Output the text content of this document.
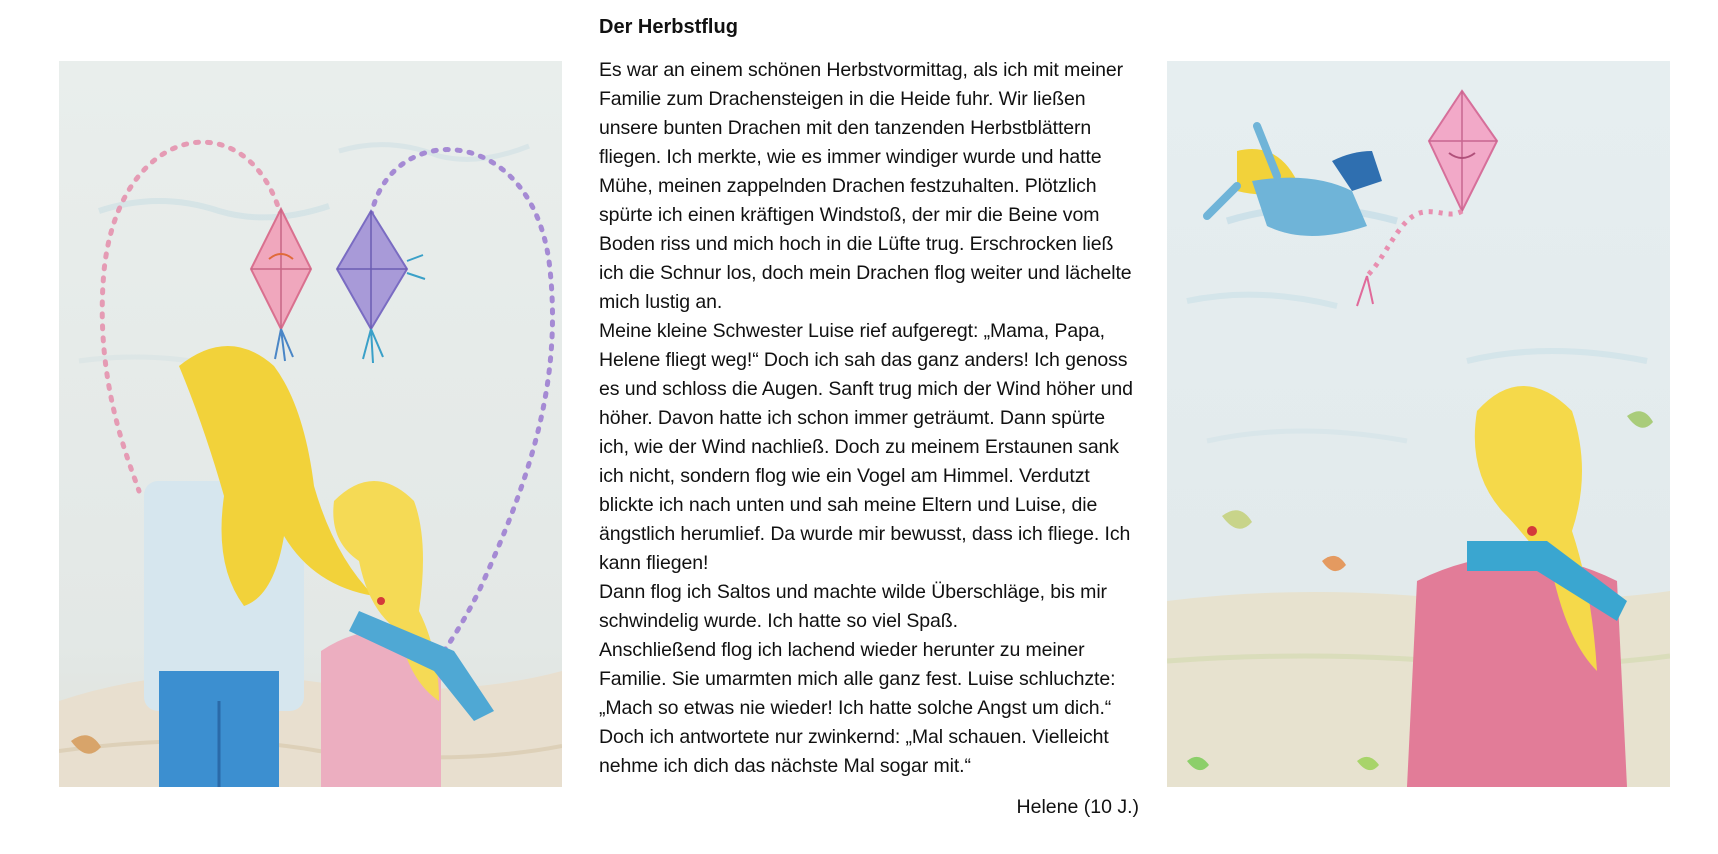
Der Herbstflug

Es war an einem schönen Herbstvormittag, als ich mit meiner Familie zum Drachensteigen in die Heide fuhr. Wir ließen unsere bunten Drachen mit den tanzenden Herbstblättern fliegen. Ich merkte, wie es immer windiger wurde und hatte Mühe, meinen zappelnden Drachen festzuhalten. Plötzlich spürte ich einen kräftigen Windstoß, der mir die Beine vom Boden riss und mich hoch in die Lüfte trug. Erschrocken ließ ich die Schnur los, doch mein Drachen flog weiter und lächelte mich lustig an.

Meine kleine Schwester Luise rief aufgeregt: „Mama, Papa, Helene fliegt weg!“ Doch ich sah das ganz anders! Ich genoss es und schloss die Augen. Sanft trug mich der Wind höher und höher. Davon hatte ich schon immer geträumt. Dann spürte ich, wie der Wind nachließ. Doch zu meinem Erstaunen sank ich nicht, sondern flog wie ein Vogel am Himmel. Verdutzt blickte ich nach unten und sah meine Eltern und Luise, die ängstlich herumlief. Da wurde mir bewusst, dass ich fliege. Ich kann fliegen!

Dann flog ich Saltos und machte wilde Überschläge, bis mir schwindelig wurde. Ich hatte so viel Spaß.

Anschließend flog ich lachend wieder herunter zu meiner Familie. Sie umarmten mich alle ganz fest. Luise schluchzte: „Mach so etwas nie wieder! Ich hatte solche Angst um dich.“ Doch ich antwortete nur zwinkernd: „Mal schauen. Vielleicht nehme ich dich das nächste Mal sogar mit.“

Helene (10 J.)
